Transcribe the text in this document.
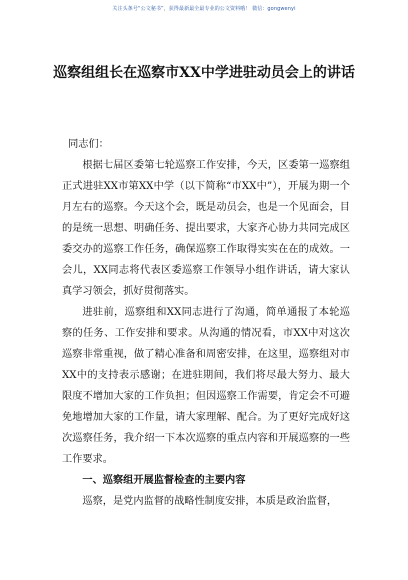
关注头条号“公文秘书”，获得最新最全最专业的公文资料哦！ 微信：gongwenyi
巡察组组长在巡察市XX中学进驻动员会上的讲话

同志们：

根据七届区委第七轮巡察工作安排，今天，区委第一巡察组正式进驻XX市第XX中学（以下简称“市XX中”），开展为期一个月左右的巡察。今天这个会，既是动员会，也是一个见面会，目的是统一思想、明确任务、提出要求，大家齐心协力共同完成区委交办的巡察工作任务，确保巡察工作取得实实在在的成效。一会儿，XX同志将代表区委巡察工作领导小组作讲话，请大家认真学习领会，抓好贯彻落实。

进驻前，巡察组和XX同志进行了沟通，简单通报了本轮巡察的任务、工作安排和要求。从沟通的情况看，市XX中对这次巡察非常重视，做了精心准备和周密安排，在这里，巡察组对市XX中的支持表示感谢；在进驻期间，我们将尽最大努力、最大限度不增加大家的工作负担；但因巡察工作需要，肯定会不可避免地增加大家的工作量，请大家理解、配合。为了更好完成好这次巡察任务，我介绍一下本次巡察的重点内容和开展巡察的一些工作要求。

一、巡察组开展监督检查的主要内容

巡察，是党内监督的战略性制度安排，本质是政治监督，
